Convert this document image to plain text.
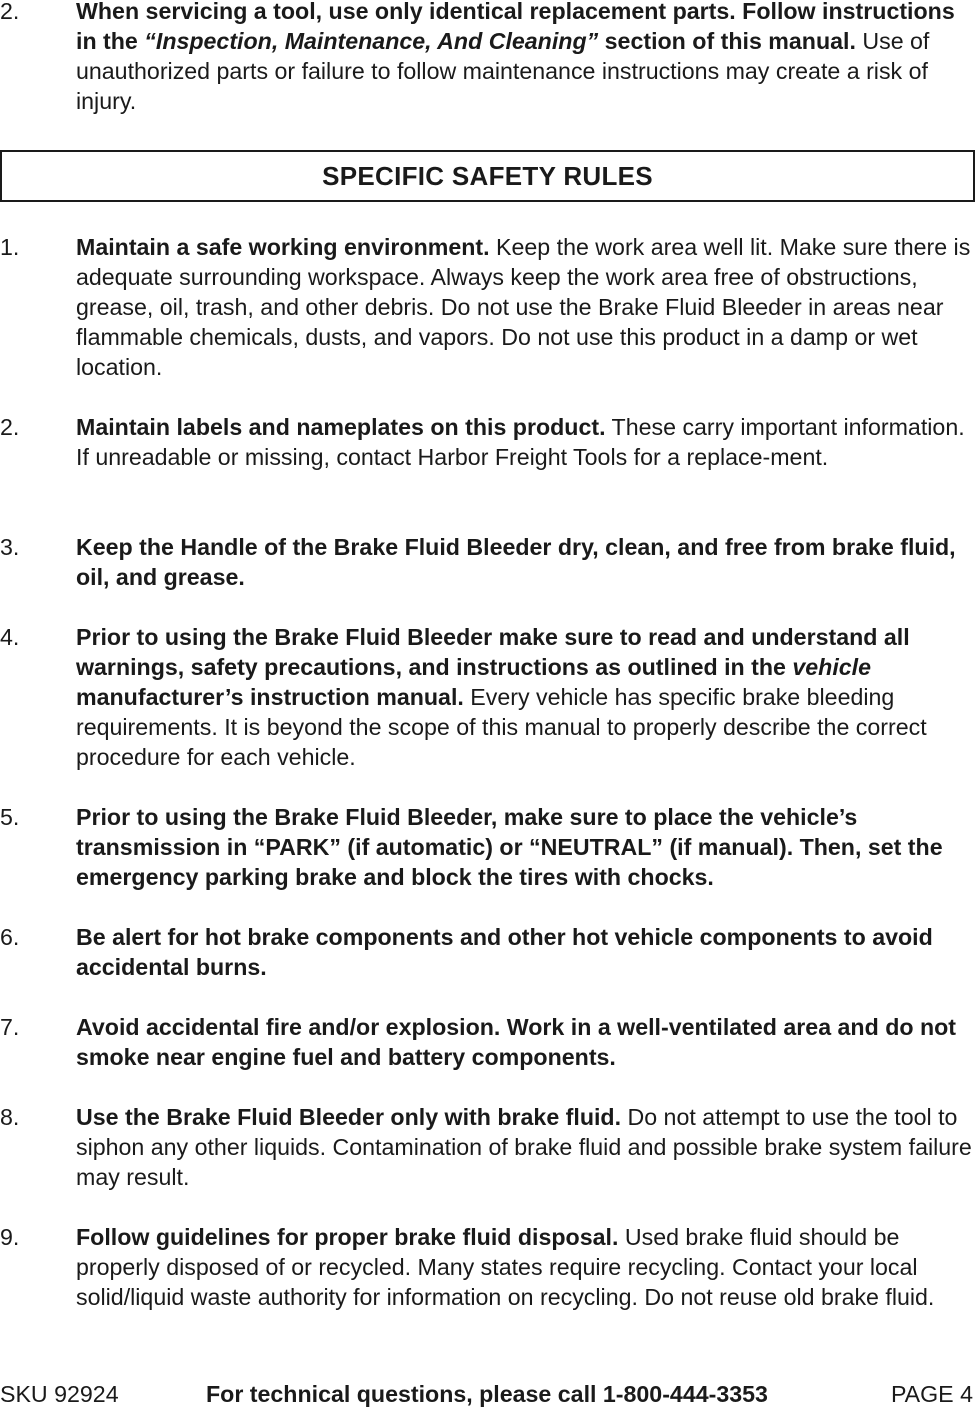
2. When servicing a tool, use only identical replacement parts. Follow instructions in the “Inspection, Maintenance, And Cleaning” section of this manual. Use of unauthorized parts or failure to follow maintenance instructions may create a risk of injury.
SPECIFIC SAFETY RULES
1. Maintain a safe working environment. Keep the work area well lit. Make sure there is adequate surrounding workspace. Always keep the work area free of obstructions, grease, oil, trash, and other debris. Do not use the Brake Fluid Bleeder in areas near flammable chemicals, dusts, and vapors. Do not use this product in a damp or wet location.
2. Maintain labels and nameplates on this product. These carry important information. If unreadable or missing, contact Harbor Freight Tools for a replace-ment.
3. Keep the Handle of the Brake Fluid Bleeder dry, clean, and free from brake fluid, oil, and grease.
4. Prior to using the Brake Fluid Bleeder make sure to read and understand all warnings, safety precautions, and instructions as outlined in the vehicle manufacturer’s instruction manual. Every vehicle has specific brake bleeding requirements. It is beyond the scope of this manual to properly describe the correct procedure for each vehicle.
5. Prior to using the Brake Fluid Bleeder, make sure to place the vehicle’s transmission in “PARK” (if automatic) or “NEUTRAL” (if manual). Then, set the emergency parking brake and block the tires with chocks.
6. Be alert for hot brake components and other hot vehicle components to avoid accidental burns.
7. Avoid accidental fire and/or explosion. Work in a well-ventilated area and do not smoke near engine fuel and battery components.
8. Use the Brake Fluid Bleeder only with brake fluid. Do not attempt to use the tool to siphon any other liquids. Contamination of brake fluid and possible brake system failure may result.
9. Follow guidelines for proper brake fluid disposal. Used brake fluid should be properly disposed of or recycled. Many states require recycling. Contact your local solid/liquid waste authority for information on recycling. Do not reuse old brake fluid.
SKU 92924	For technical questions, please call 1-800-444-3353	PAGE 4
